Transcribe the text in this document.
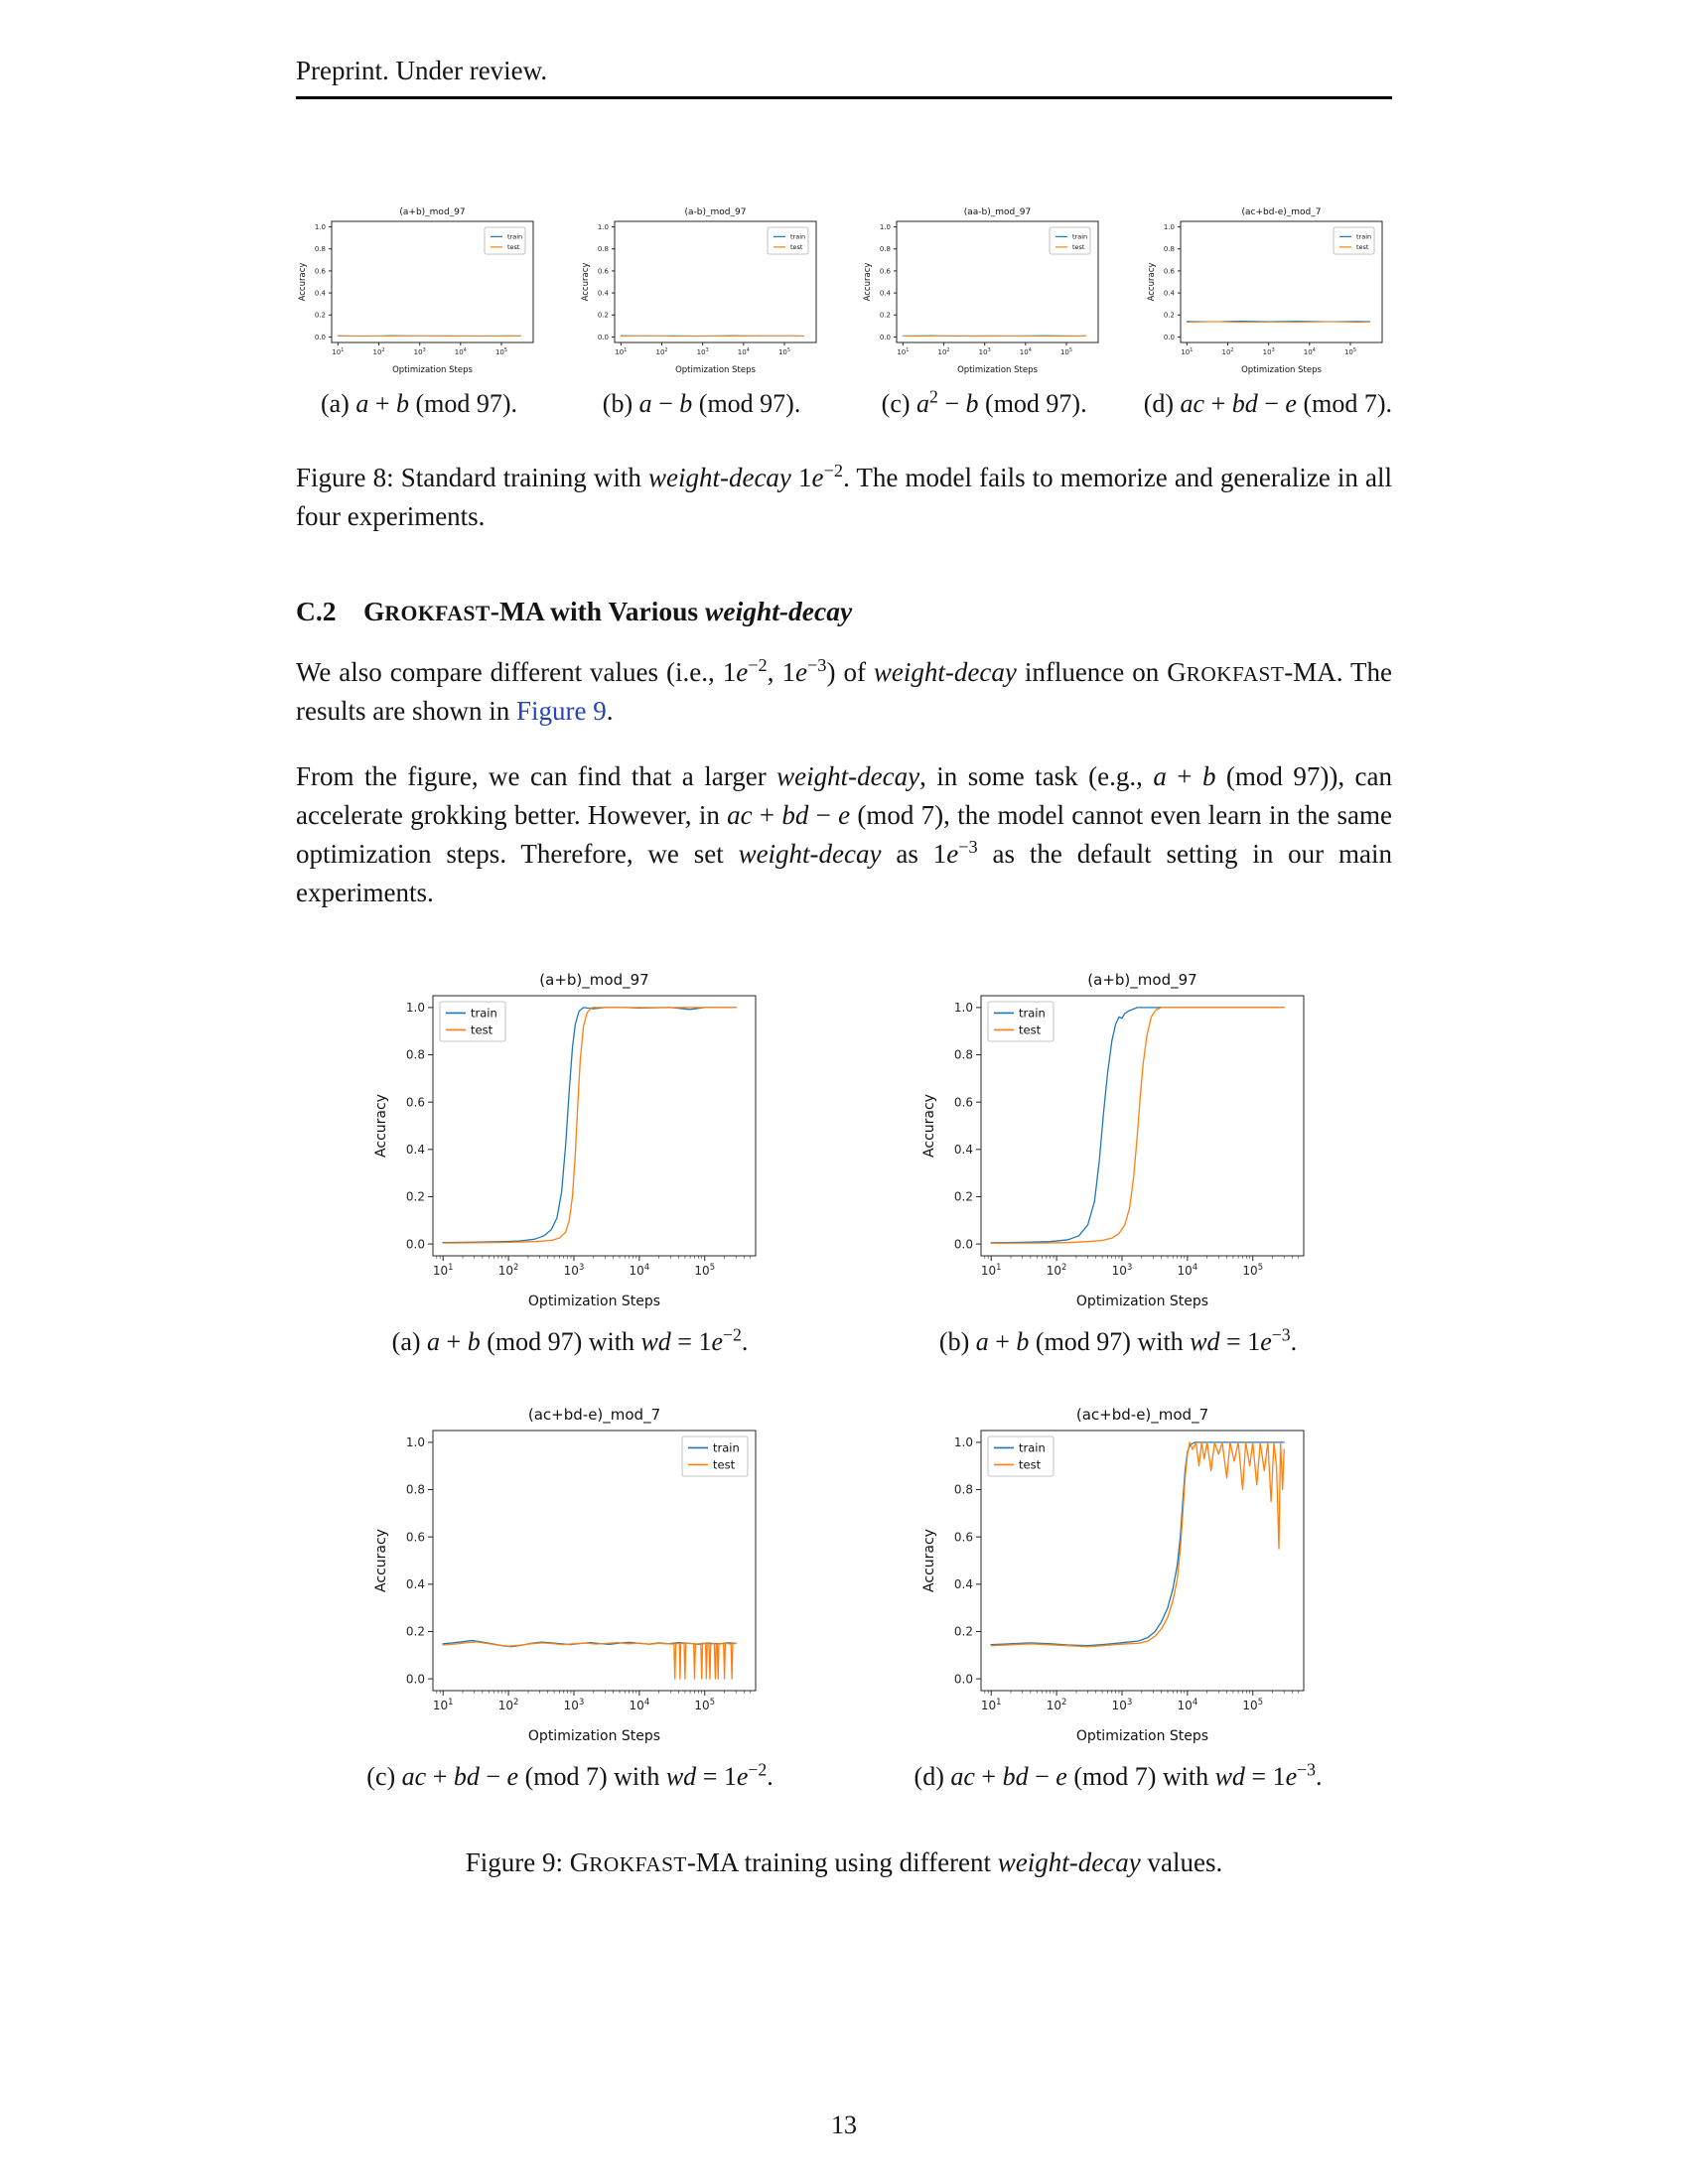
Preprint. Under review.
$10^1$	$10^2$	$10^3$	$10^4$	$10^5$
0.0
0.2
0.4
0.6
0.8
1.0
(a+b)_mod_97
Optimization Steps
Accuracy
train
test
(a) a + b (mod 97).
$10^1$	$10^2$	$10^3$	$10^4$	$10^5$
0.0
0.2
0.4
0.6
0.8
1.0
(a-b)_mod_97
Optimization Steps
Accuracy
train
test
(b) a − b (mod 97).
$10^1$	$10^2$	$10^3$	$10^4$	$10^5$
0.0
0.2
0.4
0.6
0.8
1.0
(aa-b)_mod_97
Optimization Steps
Accuracy
train
test
(c) $a^2 - b$ (mod 97).
$10^1$	$10^2$	$10^3$	$10^4$	$10^5$
0.0
0.2
0.4
0.6
0.8
1.0
(ac+bd-e)_mod_7
Optimization Steps
Accuracy
train
test
(d) ac + bd − e (mod 7).

Figure 8: Standard training with weight-decay $1e^{-2}$. The model fails to memorize and generalize in all four experiments.

C.2    GROKFAST-MA with Various weight-decay

We also compare different values (i.e., $1e^{-2}$, $1e^{-3}$) of weight-decay influence on GROKFAST-MA. The results are shown in Figure 9.

From the figure, we can find that a larger weight-decay, in some task (e.g., a + b (mod 97)), can accelerate grokking better. However, in ac + bd − e (mod 7), the model cannot even learn in the same optimization steps. Therefore, we set weight-decay as $1e^{-3}$ as the default setting in our main experiments.

$10^1$	$10^2$	$10^3$	$10^4$	$10^5$
0.0
0.2
0.4
0.6
0.8
1.0
(a+b)_mod_97
Optimization Steps
Accuracy
train
test
(a) a + b (mod 97) with wd = $1e^{-2}$.
$10^1$	$10^2$	$10^3$	$10^4$	$10^5$
0.0
0.2
0.4
0.6
0.8
1.0
(a+b)_mod_97
Optimization Steps
Accuracy
train
test
(b) a + b (mod 97) with wd = $1e^{-3}$.
$10^1$	$10^2$	$10^3$	$10^4$	$10^5$
0.0
0.2
0.4
0.6
0.8
1.0
(ac+bd-e)_mod_7
Optimization Steps
Accuracy
train
test
(c) ac + bd − e (mod 7) with wd = $1e^{-2}$.
$10^1$	$10^2$	$10^3$	$10^4$	$10^5$
0.0
0.2
0.4
0.6
0.8
1.0
(ac+bd-e)_mod_7
Optimization Steps
Accuracy
train
test
(d) ac + bd − e (mod 7) with wd = $1e^{-3}$.

Figure 9: GROKFAST-MA training using different weight-decay values.

13
